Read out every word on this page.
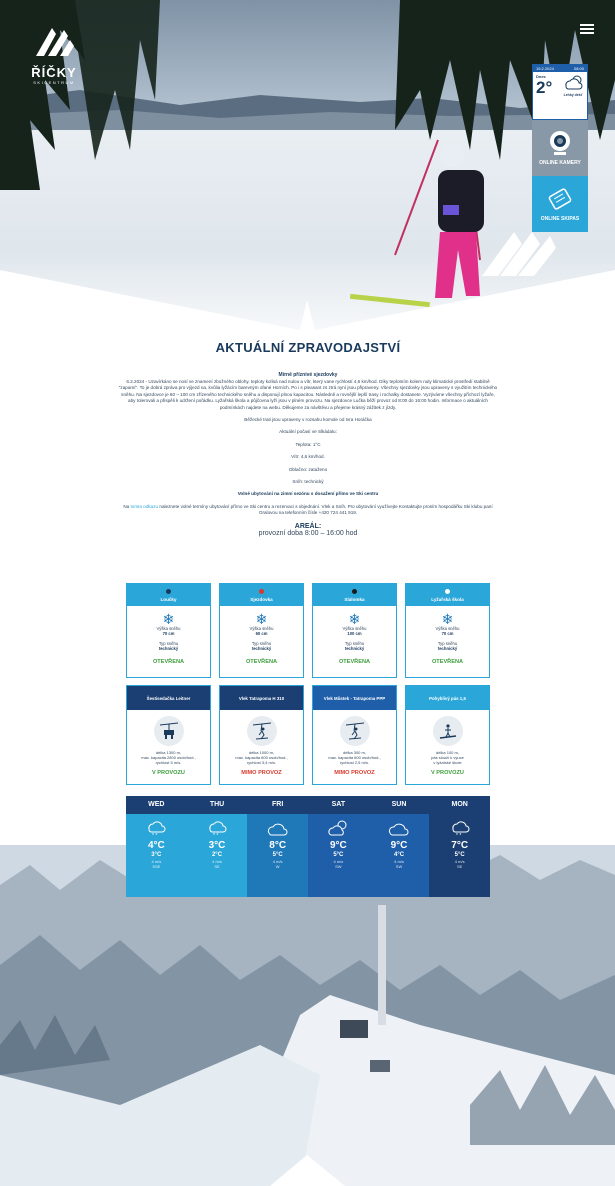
ŘÍČKY
SKICENTRUM
19.2.2024	08:00
Dnes
2°	Lehký déšť
ONLINE KAMERY
ONLINE SKIPAS
AKTUÁLNÍ ZPRAVODAJSTVÍ
Mírně příznivé sjezdovky

6.2.2024 - Uzavírkáno se nosí ve znamení zbožného oblohy. teploty kolísá nad nulou a vítr, který vane rychlostí 4,6 km/hod. Díky teplotním kolem nuly klimatické prostředí stabilně "zapamí". To je dobrá zpráva pro výjezd na, kvůlia lyžácím barevným ofané Horních. Po i s pleasant zs ztrá nyní jsou připraveny. Všechny sjezdovky jsou upraveny s využitím technického sněhu. Na sjezdovce je 60 – 100 cm zřízeného technického sněhu a disponují plnou kapacitou. Následně a rovnější lepší trasy i rochalky dostanete. Vyzýváme všechny příchozí lyžaře, aby tolerovali a přispěli k udržení pořádku. Lyžařská škola a půjčovna lyží jsou v plném provozu. Na sjezdovce Lučka běží provoz od 8:00 do 16:00 hodin. Informace o aktuálních podmínkách najdete na webu. Děkujeme za návštěvu a přejeme krásný zážitek z jízdy.

Běžecké trati jsou upraveny v rozsahu komole od Ivra Horáčka

Aktuální počasí ve Slkádalu:

Teplota: 1°C

Vítr: 4,6 km/hod.

Oblačno: zataženo

Sníh: technický

Volné ubytování na zimní sezónu s dosažení přímo ve Ski centru

Na tomto odkazu naleznete volné termíny ubytování přímo ve Ski centru a rezervaci s objednání. Vlek a Sníh. Pro ubytování využívejte Kontaktujte prosím hospodářku Ski klubu paní Oralovou na telefonním čísle +420 724 441 919.

AREÁL:
provozní doba 8:00 – 16:00 hod
Loučky
❄
Výška sněhu
70 cm
Typ sněhu
technický
OTEVŘENA
Sjezdovka
❄
Výška sněhu
60 cm
Typ sněhu
technický
OTEVŘENA
Slalomka
❄
Výška sněhu
100 cm
Typ sněhu
technický
OTEVŘENA
Lyžařská škola
❄
Výška sněhu
70 cm
Typ sněhu
technický
OTEVŘENA
Šestisedačka Leitner
délka 1300 m,
max. kapacita 2800 osob/hod.,
rychlost 5 m/s.
V PROVOZU
Vlek Tatrapoma H 310
délka 1000 m,
max. kapacita 600 osob/hod.,
rychlost 3,4 m/s.
MIMO PROVOZ
Vlek Můstek - Tatrapoma PPP
délka 300 m,
max. kapacita 600 osob/hod.,
rychlost 2,5 m/s.
MIMO PROVOZ
Pohyblivý pás 1,5
délka 100 m,
pás slouží k výuce
v lyžařské škole
V PROVOZU
WED
* *
4°C
3°C
4 m/s
SSE
THU
* *
3°C
2°C
4 m/s
SE
FRI
8°C
5°C
4 m/s
W
SAT
9°C
5°C
4 m/s
SW
SUN
9°C
4°C
4 m/s
SW
MON
* *
7°C
5°C
4 m/s
SE
